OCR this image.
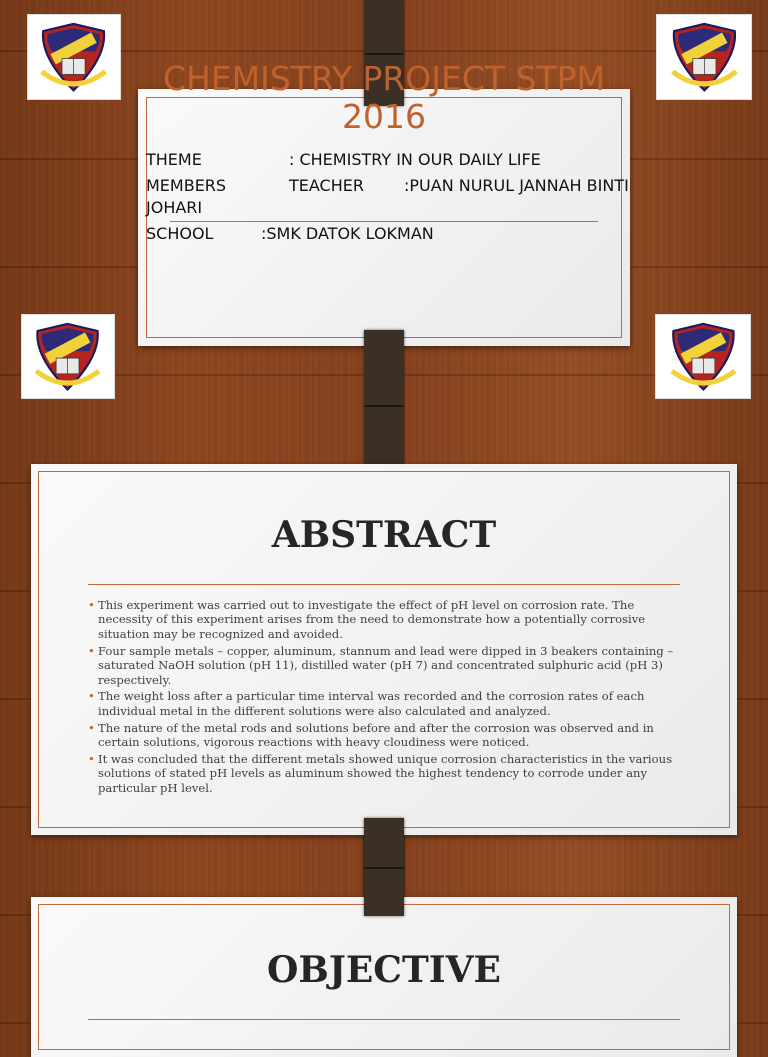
CHEMISTRY PROJECT STPM
2016
THEME	: CHEMISTRY IN OUR DAILY LIFE
MEMBERS	TEACHER	:PUAN NURUL JANNAH BINTI
JOHARI
SCHOOL	:SMK DATOK LOKMAN
ABSTRACT
• This experiment was carried out to investigate the effect of pH level on corrosion rate. The necessity of this experiment arises from the need to demonstrate how a potentially corrosive situation may be recognized and avoided.
• Four sample metals – copper, aluminum, stannum and lead were dipped in 3 beakers containing – saturated NaOH solution (pH 11), distilled water (pH 7) and concentrated sulphuric acid (pH 3) respectively.
• The weight loss after a particular time interval was recorded and the corrosion rates of each individual metal in the different solutions were also calculated and analyzed.
• The nature of the metal rods and solutions before and after the corrosion was observed and in certain solutions, vigorous reactions with heavy cloudiness were noticed.
• It was concluded that the different metals showed unique corrosion characteristics in the various solutions of stated pH levels as aluminum showed the highest tendency to corrode under any particular pH level.
OBJECTIVE
